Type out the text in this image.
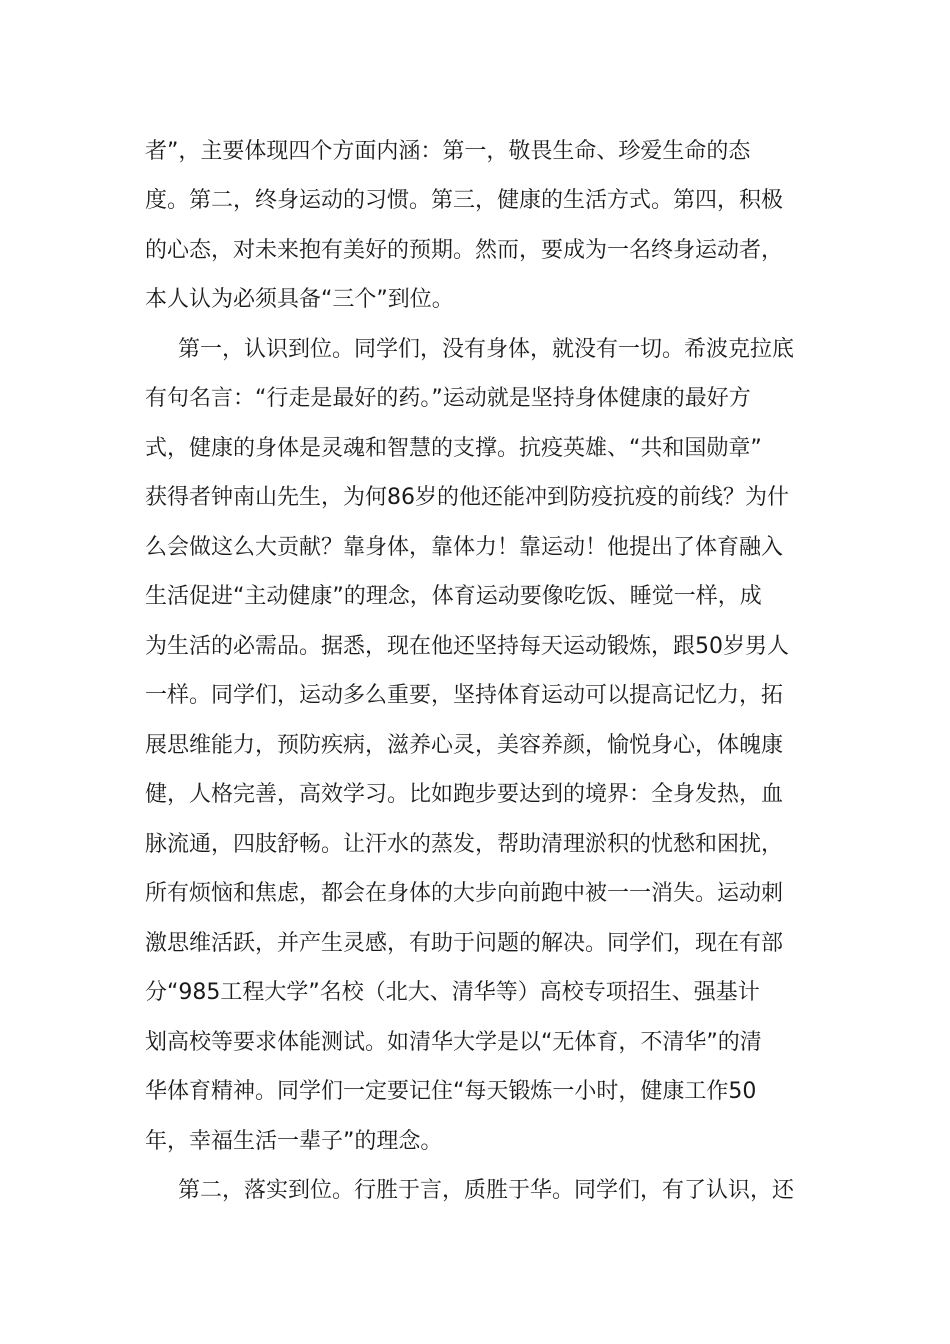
者”，主要体现四个方面内涵：第一，敬畏生命、珍爱生命的态
度。第二，终身运动的习惯。第三，健康的生活方式。第四，积极
的心态，对未来抱有美好的预期。然而，要成为一名终身运动者，
本人认为必须具备“三个”到位。
第一，认识到位。同学们，没有身体，就没有一切。希波克拉底
有句名言：“行走是最好的药。”运动就是坚持身体健康的最好方
式，健康的身体是灵魂和智慧的支撑。抗疫英雄、“共和国勋章”
获得者钟南山先生，为何86岁的他还能冲到防疫抗疫的前线？为什
么会做这么大贡献？靠身体，靠体力！靠运动！他提出了体育融入
生活促进“主动健康”的理念，体育运动要像吃饭、睡觉一样，成
为生活的必需品。据悉，现在他还坚持每天运动锻炼，跟50岁男人
一样。同学们，运动多么重要，坚持体育运动可以提高记忆力，拓
展思维能力，预防疾病，滋养心灵，美容养颜，愉悦身心，体魄康
健，人格完善，高效学习。比如跑步要达到的境界：全身发热，血
脉流通，四肢舒畅。让汗水的蒸发，帮助清理淤积的忧愁和困扰，
所有烦恼和焦虑，都会在身体的大步向前跑中被一一消失。运动刺
激思维活跃，并产生灵感，有助于问题的解决。同学们，现在有部
分“985工程大学”名校（北大、清华等）高校专项招生、强基计
划高校等要求体能测试。如清华大学是以“无体育，不清华”的清
华体育精神。同学们一定要记住“每天锻炼一小时，健康工作50
年，幸福生活一辈子”的理念。
第二，落实到位。行胜于言，质胜于华。同学们，有了认识，还
